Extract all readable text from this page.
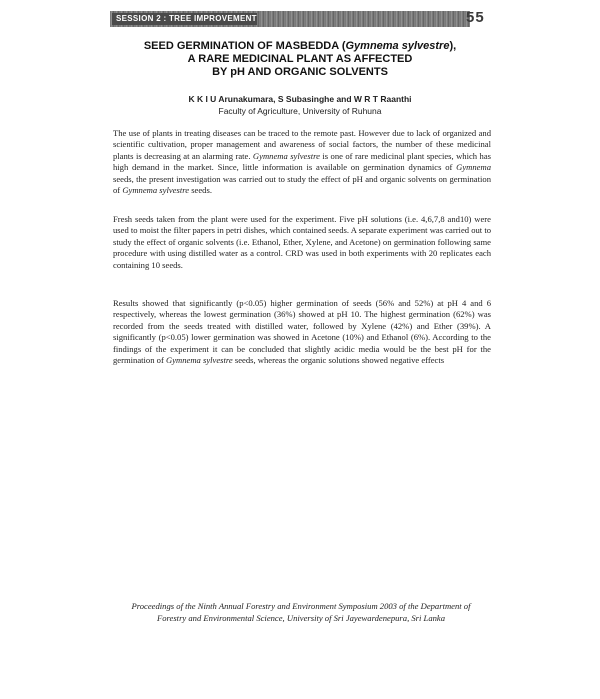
SESSION 2 : TREE IMPROVEMENT	55
SEED GERMINATION OF MASBEDDA (Gymnema sylvestre),
A RARE MEDICINAL PLANT AS AFFECTED
BY pH AND ORGANIC SOLVENTS
K K I U Arunakumara, S Subasinghe and W R T Raanthi
Faculty of Agriculture, University of Ruhuna
The use of plants in treating diseases can be traced to the remote past. However due to lack of organized and scientific cultivation, proper management and awareness of social factors, the number of these medicinal plants is decreasing at an alarming rate. Gymnema sylvestre is one of rare medicinal plant species, which has high demand in the market. Since, little information is available on germination dynamics of Gymnema seeds, the present investigation was carried out to study the effect of pH and organic solvents on germination of Gymnema sylvestre seeds.
Fresh seeds taken from the plant were used for the experiment. Five pH solutions (i.e. 4,6,7,8 and10) were used to moist the filter papers in petri dishes, which contained seeds. A separate experiment was carried out to study the effect of organic solvents (i.e. Ethanol, Ether, Xylene, and Acetone) on germination following same procedure with using distilled water as a control. CRD was used in both experiments with 20 replicates each containing 10 seeds.
Results showed that significantly (p<0.05) higher germination of seeds (56% and 52%) at pH 4 and 6 respectively, whereas the lowest germination (36%) showed at pH 10. The highest germination (62%) was recorded from the seeds treated with distilled water, followed by Xylene (42%) and Ether (39%). A significantly (p<0.05) lower germination was showed in Acetone (10%) and Ethanol (6%). According to the findings of the experiment it can be concluded that slightly acidic media would be the best pH for the germination of Gymnema sylvestre seeds, whereas the organic solutions showed negative effects
Proceedings of the Ninth Annual Forestry and Environment Symposium 2003 of the Department of
Forestry and Environmental Science, University of Sri Jayewardenepura, Sri Lanka
